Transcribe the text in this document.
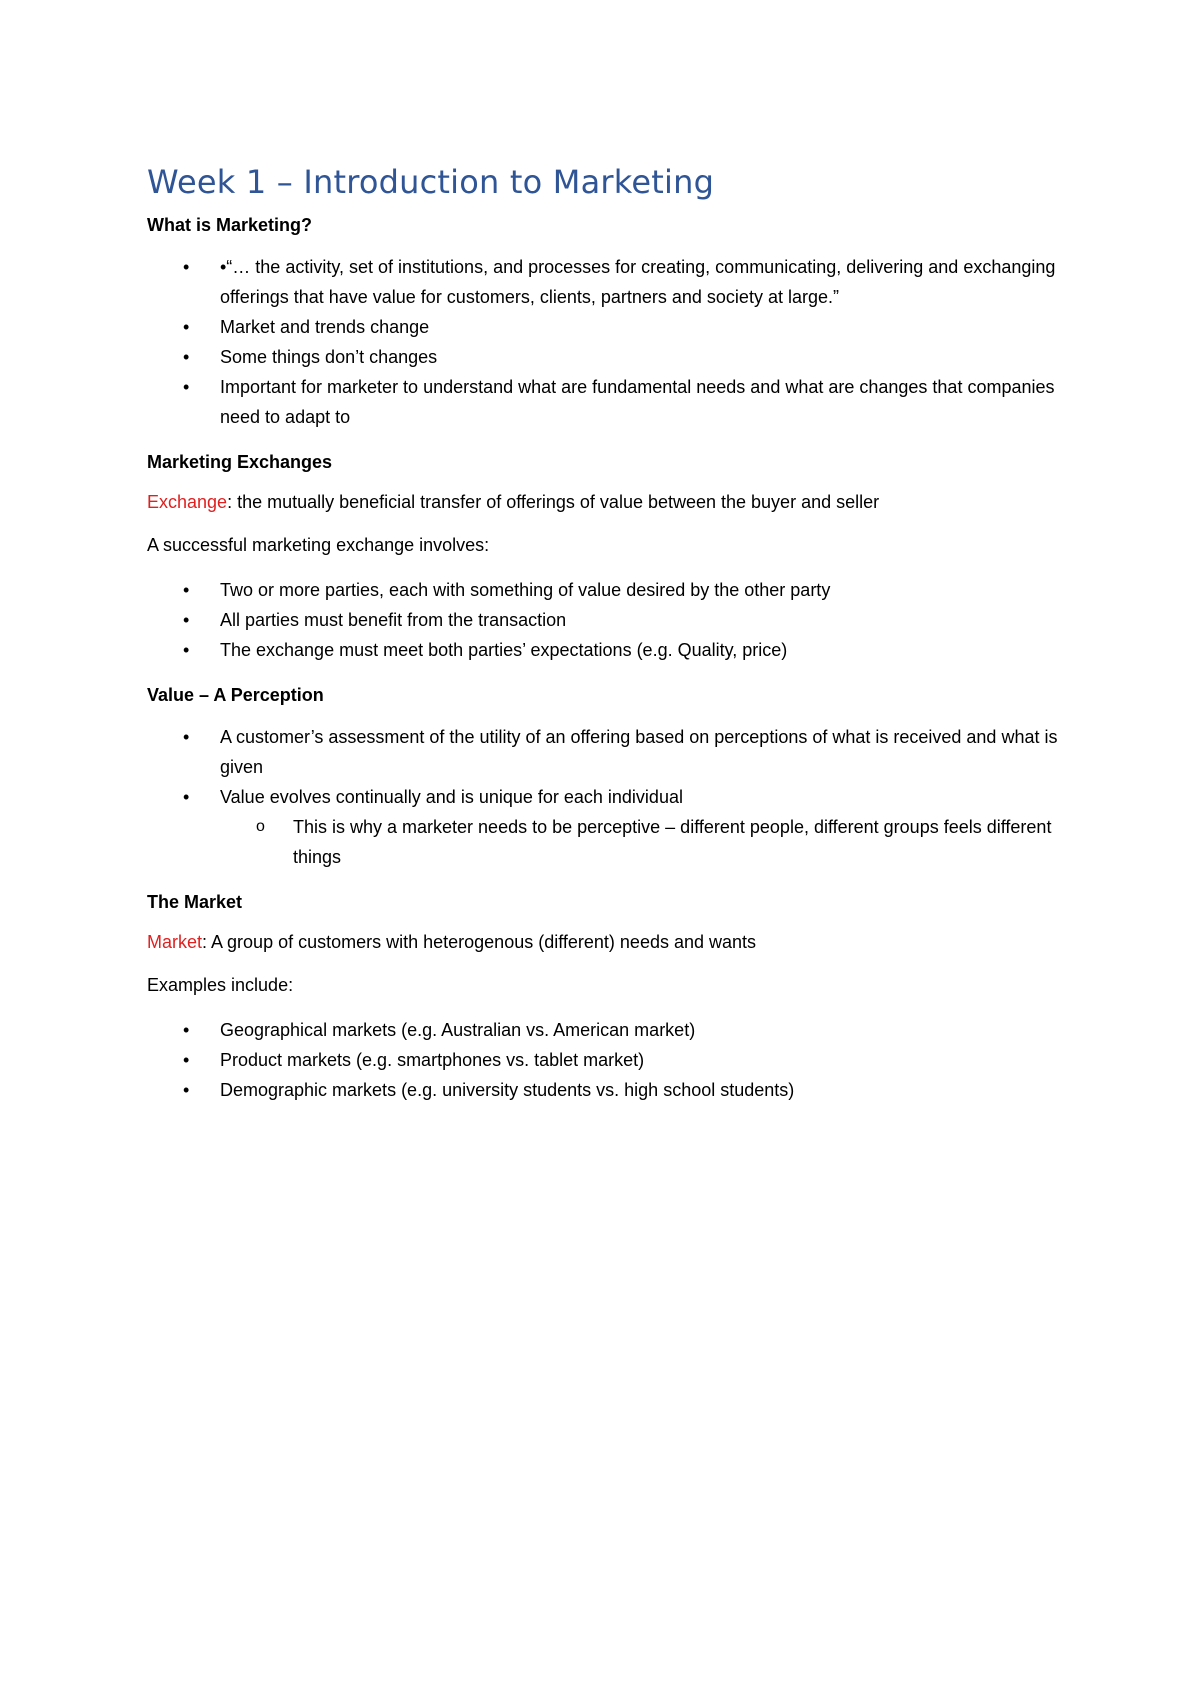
Week 1 – Introduction to Marketing
What is Marketing?
•	•“… the activity, set of institutions, and processes for creating, communicating, delivering and exchanging offerings that have value for customers, clients, partners and society at large.”
•	Market and trends change
•	Some things don’t changes
•	Important for marketer to understand what are fundamental needs and what are changes that companies need to adapt to
Marketing Exchanges

Exchange: the mutually beneficial transfer of offerings of value between the buyer and seller

A successful marketing exchange involves:

•	Two or more parties, each with something of value desired by the other party
•	All parties must benefit from the transaction
•	The exchange must meet both parties’ expectations (e.g. Quality, price)
Value – A Perception
•	A customer’s assessment of the utility of an offering based on perceptions of what is received and what is given
•	Value evolves continually and is unique for each individual
o	This is why a marketer needs to be perceptive – different people, different groups feels different things
The Market

Market: A group of customers with heterogenous (different) needs and wants

Examples include:

•	Geographical markets (e.g. Australian vs. American market)
•	Product markets (e.g. smartphones vs. tablet market)
•	Demographic markets (e.g. university students vs. high school students)
